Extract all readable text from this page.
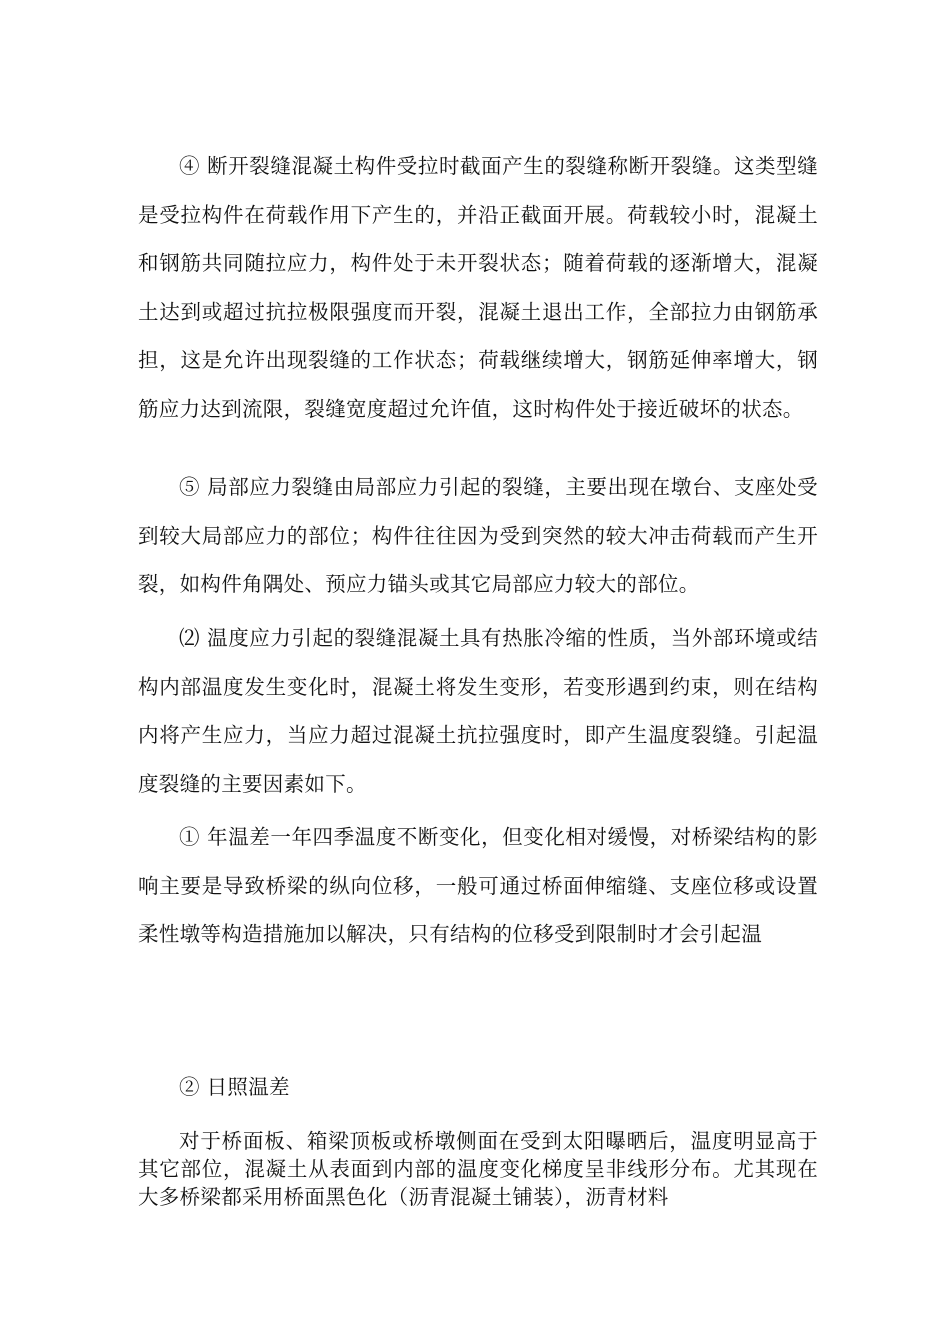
④ 断开裂缝混凝土构件受拉时截面产生的裂缝称断开裂缝。这类型缝是受拉构件在荷载作用下产生的，并沿正截面开展。荷载较小时，混凝土和钢筋共同随拉应力，构件处于未开裂状态；随着荷载的逐渐增大，混凝土达到或超过抗拉极限强度而开裂，混凝土退出工作，全部拉力由钢筋承担，这是允许出现裂缝的工作状态；荷载继续增大，钢筋延伸率增大，钢筋应力达到流限，裂缝宽度超过允许值，这时构件处于接近破坏的状态。

⑤ 局部应力裂缝由局部应力引起的裂缝，主要出现在墩台、支座处受到较大局部应力的部位；构件往往因为受到突然的较大冲击荷载而产生开裂，如构件角隅处、预应力锚头或其它局部应力较大的部位。

⑵ 温度应力引起的裂缝混凝土具有热胀冷缩的性质，当外部环境或结构内部温度发生变化时，混凝土将发生变形，若变形遇到约束，则在结构内将产生应力，当应力超过混凝土抗拉强度时，即产生温度裂缝。引起温度裂缝的主要因素如下。

① 年温差一年四季温度不断变化，但变化相对缓慢，对桥梁结构的影响主要是导致桥梁的纵向位移，一般可通过桥面伸缩缝、支座位移或设置柔性墩等构造措施加以解决，只有结构的位移受到限制时才会引起温

② 日照温差

对于桥面板、箱梁顶板或桥墩侧面在受到太阳曝晒后，温度明显高于其它部位，混凝土从表面到内部的温度变化梯度呈非线形分布。尤其现在大多桥梁都采用桥面黑色化（沥青混凝土铺装），沥青材料
